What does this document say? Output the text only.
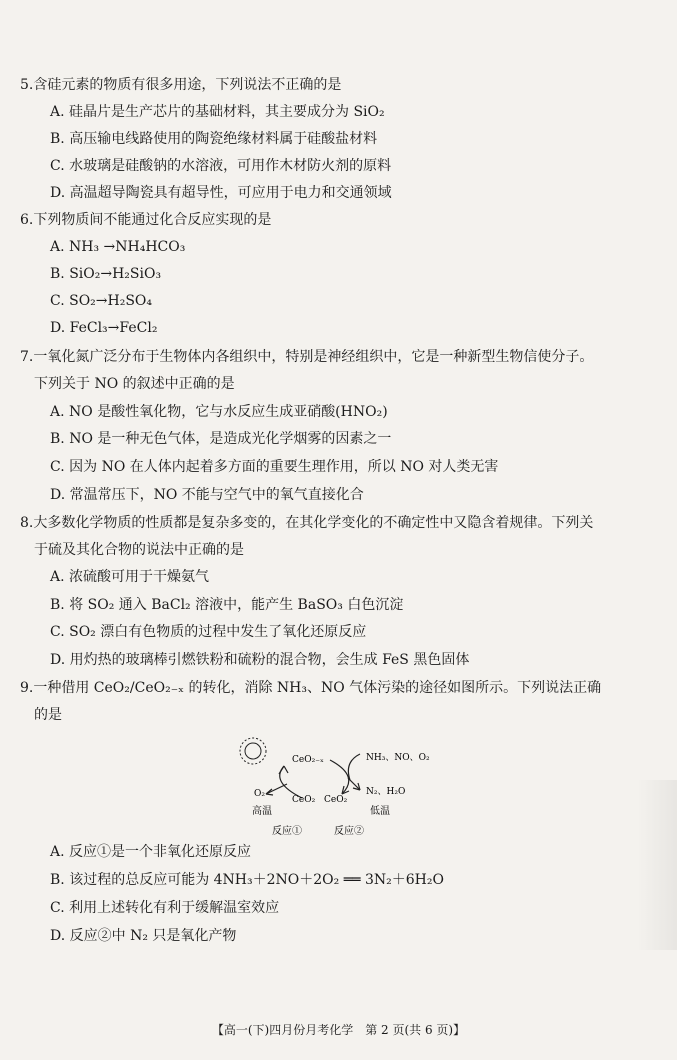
5.含硅元素的物质有很多用途，下列说法不正确的是
A. 硅晶片是生产芯片的基础材料，其主要成分为 SiO₂
B. 高压输电线路使用的陶瓷绝缘材料属于硅酸盐材料
C. 水玻璃是硅酸钠的水溶液，可用作木材防火剂的原料
D. 高温超导陶瓷具有超导性，可应用于电力和交通领域
6.下列物质间不能通过化合反应实现的是
A. NH₃ →NH₄HCO₃
B. SiO₂→H₂SiO₃
C. SO₂→H₂SO₄
D. FeCl₃→FeCl₂
7.一氧化氮广泛分布于生物体内各组织中，特别是神经组织中，它是一种新型生物信使分子。
下列关于 NO 的叙述中正确的是
A. NO 是酸性氧化物，它与水反应生成亚硝酸(HNO₂)
B. NO 是一种无色气体，是造成光化学烟雾的因素之一
C. 因为 NO 在人体内起着多方面的重要生理作用，所以 NO 对人类无害
D. 常温常压下，NO 不能与空气中的氧气直接化合
8.大多数化学物质的性质都是复杂多变的，在其化学变化的不确定性中又隐含着规律。下列关
于硫及其化合物的说法中正确的是
A. 浓硫酸可用于干燥氨气
B. 将 SO₂ 通入 BaCl₂ 溶液中，能产生 BaSO₃ 白色沉淀
C. SO₂ 漂白有色物质的过程中发生了氧化还原反应
D. 用灼热的玻璃棒引燃铁粉和硫粉的混合物，会生成 FeS 黑色固体
9.一种借用 CeO₂/CeO₂₋ₓ 的转化，消除 NH₃、NO 气体污染的途径如图所示。下列说法正确
的是
CeO₂₋ₓ
CeO₂ CeO₂
NH₃、NO、O₂
N₂、H₂O
O₂
高温	低温
反应①	反应②
A. 反应①是一个非氧化还原反应
B. 该过程的总反应可能为 4NH₃＋2NO＋2O₂ ══ 3N₂＋6H₂O
C. 利用上述转化有利于缓解温室效应
D. 反应②中 N₂ 只是氧化产物
【高一(下)四月份月考化学　第 2 页(共 6 页)】
